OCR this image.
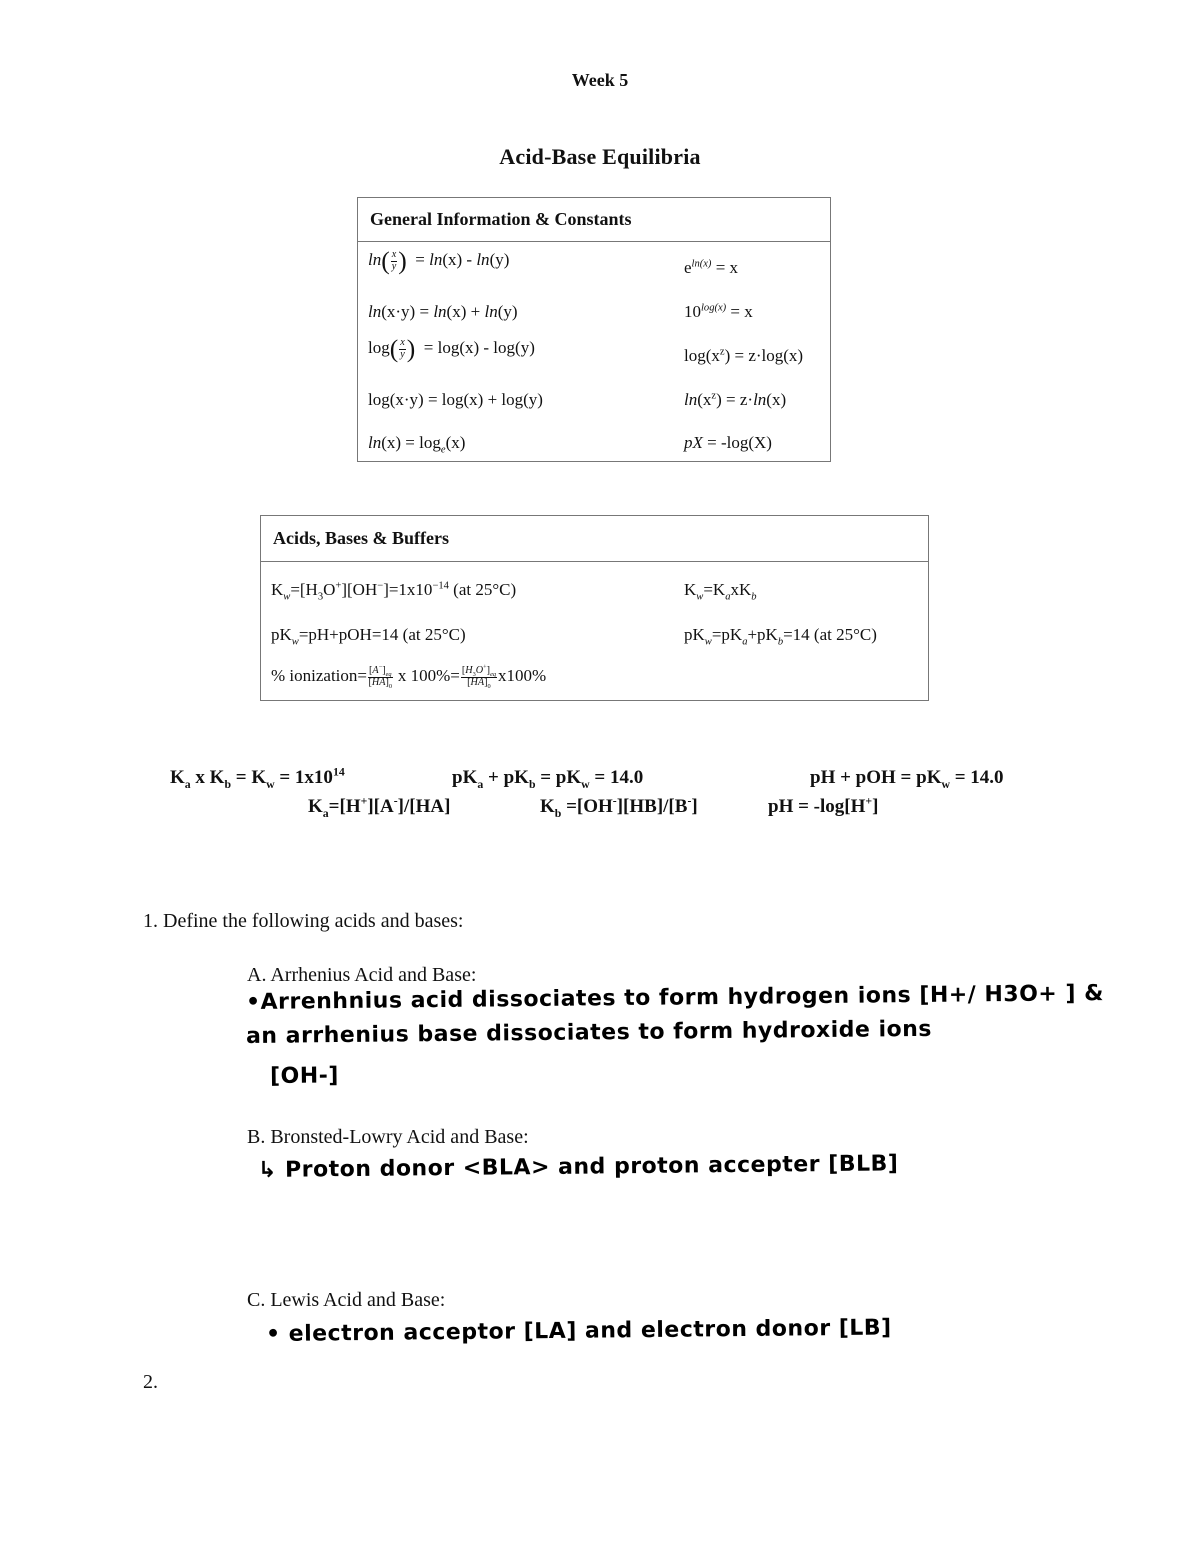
Week 5
Acid-Base Equilibria
General Information & Constants
$\ln( \frac{x}{y}$ )  = ln(x) - ln(y)	$e^{ln(x)} = x$
ln(x·y) = ln(x) + ln(y)	$10^{log(x)} = x$
$\log( \frac{x}{y}$ )  = log(x) - log(y)	$\log(x^z) = z\cdot\log(x)$
log(x·y) = log(x) + log(y)	$\ln(x^z) = z\cdot\ln(x)$
$\ln(x) = \log_e(x)$	pX = -log(X)
Acids, Bases & Buffers
$K_w=[H_3O^+][OH^-]=1x10^{-14}$ (at 25°C)	$K_w=K_axK_b$
$pK_w=pH+pOH=14$ (at 25°C)	$pK_w=pK_a+pK_b=14$ (at 25°C)
% ionization= $\frac{[A^-]_{eq}}{[HA]_0}$ x $100\%= \frac{[H_3O^+]_{eq}}{[HA]_0} x100\%$
$K_a$ x $K_b = K_w = 1x10^{14}$	$pK_a + pK_b = pK_w = 14.0$	pH + pOH = $pK_w = 14.0$
$K_a=[H^+][A^-]/[HA]$	$K_b =[OH^-][HB]/[B^-]$	pH = -log[H+]
1. Define the following acids and bases:
A. Arrhenius Acid and Base:
•Arrenhnius acid dissociates to form hydrogen ions [H+/ H3O+ ] &
an arrhenius base dissociates to form hydroxide ions
[OH-]
B. Bronsted-Lowry Acid and Base:
↳ Proton donor <BLA> and proton accepter [BLB]
C. Lewis Acid and Base:
• electron acceptor [LA] and electron donor [LB]
2.
